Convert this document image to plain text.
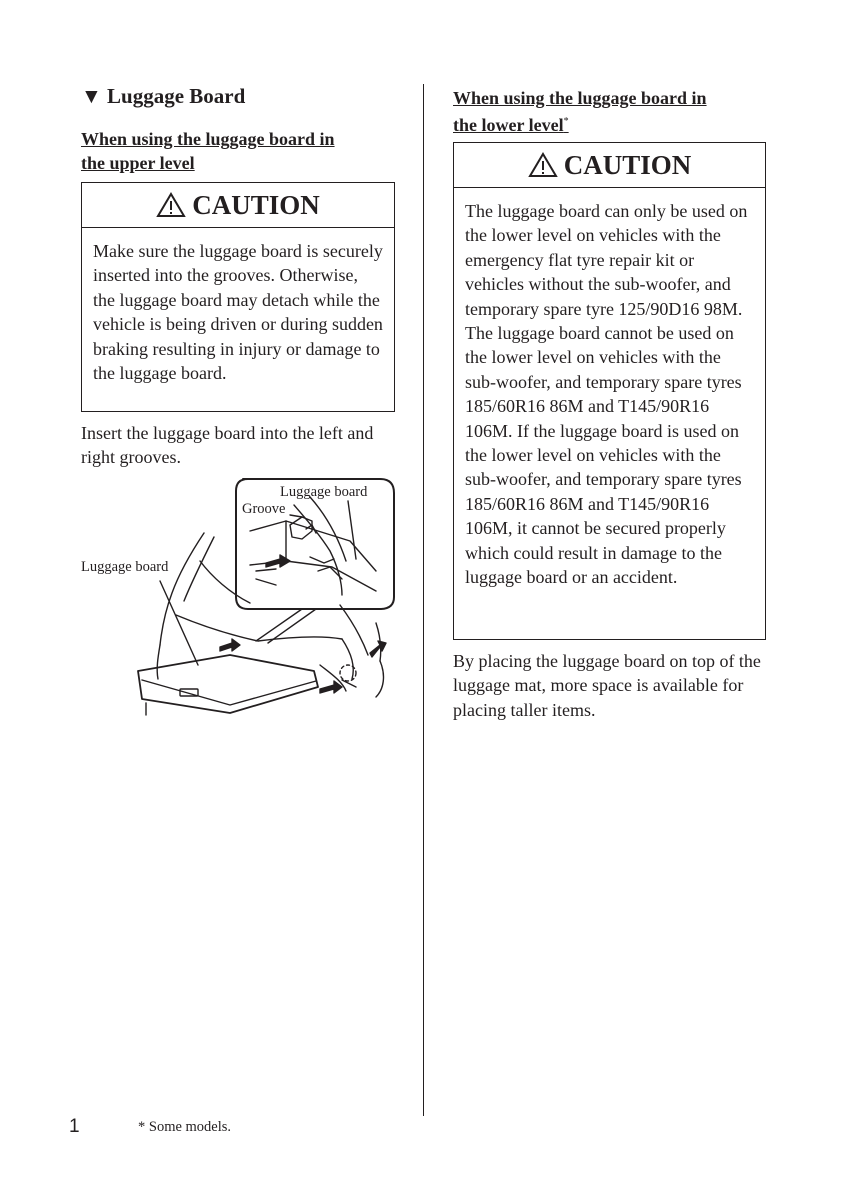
▼ Luggage Board
When using the luggage board in
the upper level
CAUTION

Make sure the luggage board is securely inserted into the grooves. Otherwise, the luggage board may detach while the vehicle is being driven or during sudden braking resulting in injury or damage to the luggage board.

Insert the luggage board into the left and right grooves.

Luggage board
Groove
Luggage board
When using the luggage board in
the lower level*
CAUTION

The luggage board can only be used on the lower level on vehicles with the emergency flat tyre repair kit or vehicles without the sub-woofer, and temporary spare tyre 125/90D16 98M.

The luggage board cannot be used on the lower level on vehicles with the sub-woofer, and temporary spare tyres 185/60R16 86M and T145/90R16 106M. If the luggage board is used on the lower level on vehicles with the sub-woofer, and temporary spare tyres 185/60R16 86M and T145/90R16 106M, it cannot be secured properly which could result in damage to the luggage board or an accident.

By placing the luggage board on top of the luggage mat, more space is available for placing taller items.

1	* Some models.
